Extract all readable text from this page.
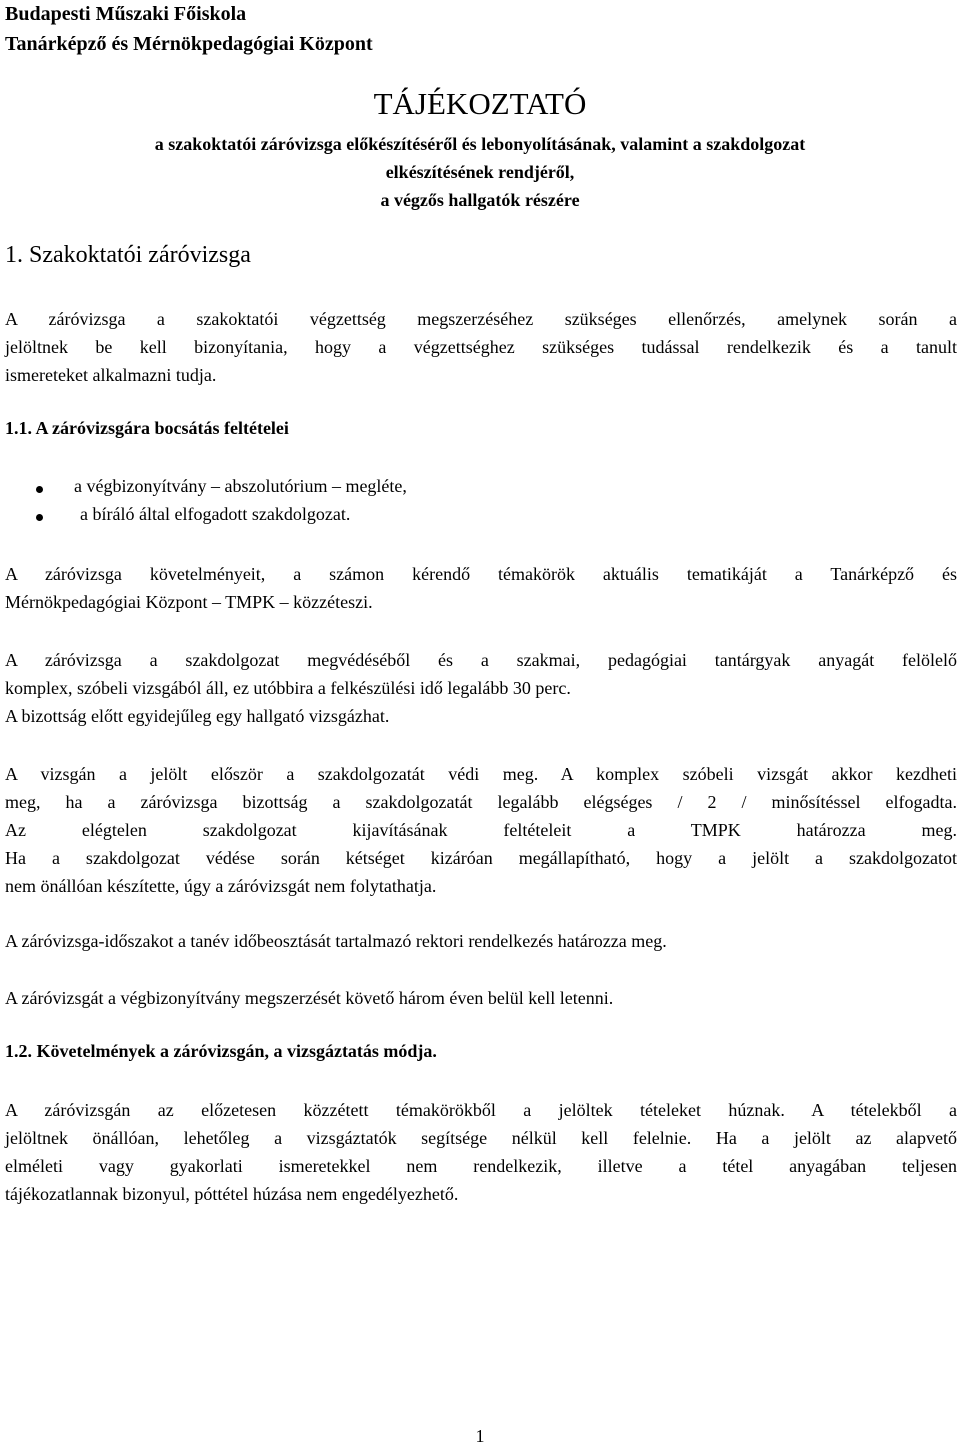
Budapesti Műszaki Főiskola
Tanárképző és Mérnökpedagógiai Központ
TÁJÉKOZTATÓ
a szakoktatói záróvizsga előkészítéséről és lebonyolításának, valamint a szakdolgozat
elkészítésének rendjéről,
a végzős hallgatók részére
1. Szakoktatói záróvizsga
A záróvizsga a szakoktatói végzettség megszerzéséhez szükséges ellenőrzés, amelynek során a
jelöltnek be kell bizonyítania, hogy a végzettséghez szükséges tudással rendelkezik és a tanult
ismereteket alkalmazni tudja.
1.1. A záróvizsgára bocsátás feltételei
a végbizonyítvány – abszolutórium – megléte,
a bíráló által elfogadott szakdolgozat.
A záróvizsga követelményeit, a számon kérendő témakörök aktuális tematikáját a Tanárképző és
Mérnökpedagógiai Központ – TMPK – közzéteszi.
A záróvizsga a szakdolgozat megvédéséből és a szakmai, pedagógiai tantárgyak anyagát felölelő
komplex, szóbeli vizsgából áll, ez utóbbira a felkészülési idő legalább 30 perc.
A bizottság előtt egyidejűleg egy hallgató vizsgázhat.
A vizsgán a jelölt először a szakdolgozatát védi meg. A komplex szóbeli vizsgát akkor kezdheti
meg, ha a záróvizsga bizottság a szakdolgozatát legalább elégséges / 2 / minősítéssel elfogadta.
Az elégtelen szakdolgozat kijavításának feltételeit a TMPK határozza meg.
Ha a szakdolgozat védése során kétséget kizáróan megállapítható, hogy a jelölt a szakdolgozatot
nem önállóan készítette, úgy a záróvizsgát nem folytathatja.
A záróvizsga-időszakot a tanév időbeosztását tartalmazó rektori rendelkezés határozza meg.
A záróvizsgát a végbizonyítvány megszerzését követő három éven belül kell letenni.
1.2. Követelmények a záróvizsgán, a vizsgáztatás módja.
A záróvizsgán az előzetesen közzétett témakörökből a jelöltek tételeket húznak. A tételekből a
jelöltnek önállóan, lehetőleg a vizsgáztatók segítsége nélkül kell felelnie. Ha a jelölt az alapvető
elméleti vagy gyakorlati ismeretekkel nem rendelkezik, illetve a tétel anyagában teljesen
tájékozatlannak bizonyul, póttétel húzása nem engedélyezhető.
1
